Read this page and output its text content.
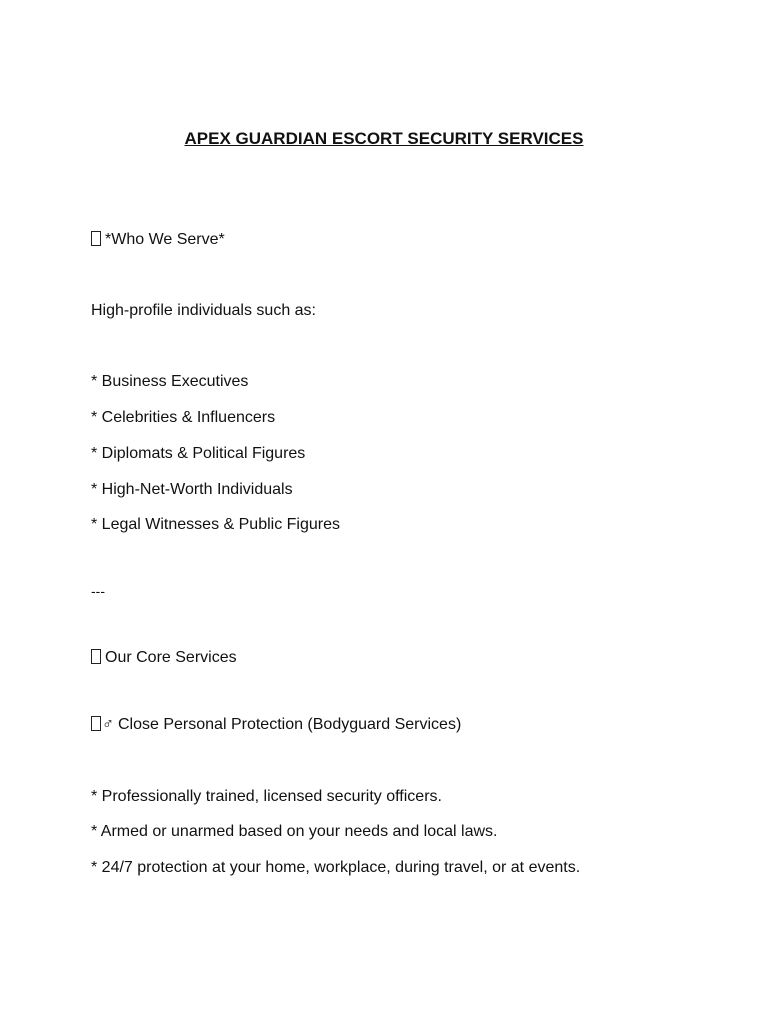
APEX GUARDIAN ESCORT SECURITY SERVICES
*Who We Serve*
High-profile individuals such as:
* Business Executives
* Celebrities & Influencers
* Diplomats & Political Figures
* High-Net-Worth Individuals
* Legal Witnesses & Public Figures
---
Our Core Services
♂ Close Personal Protection (Bodyguard Services)
* Professionally trained, licensed security officers.
* Armed or unarmed based on your needs and local laws.
* 24/7 protection at your home, workplace, during travel, or at events.
